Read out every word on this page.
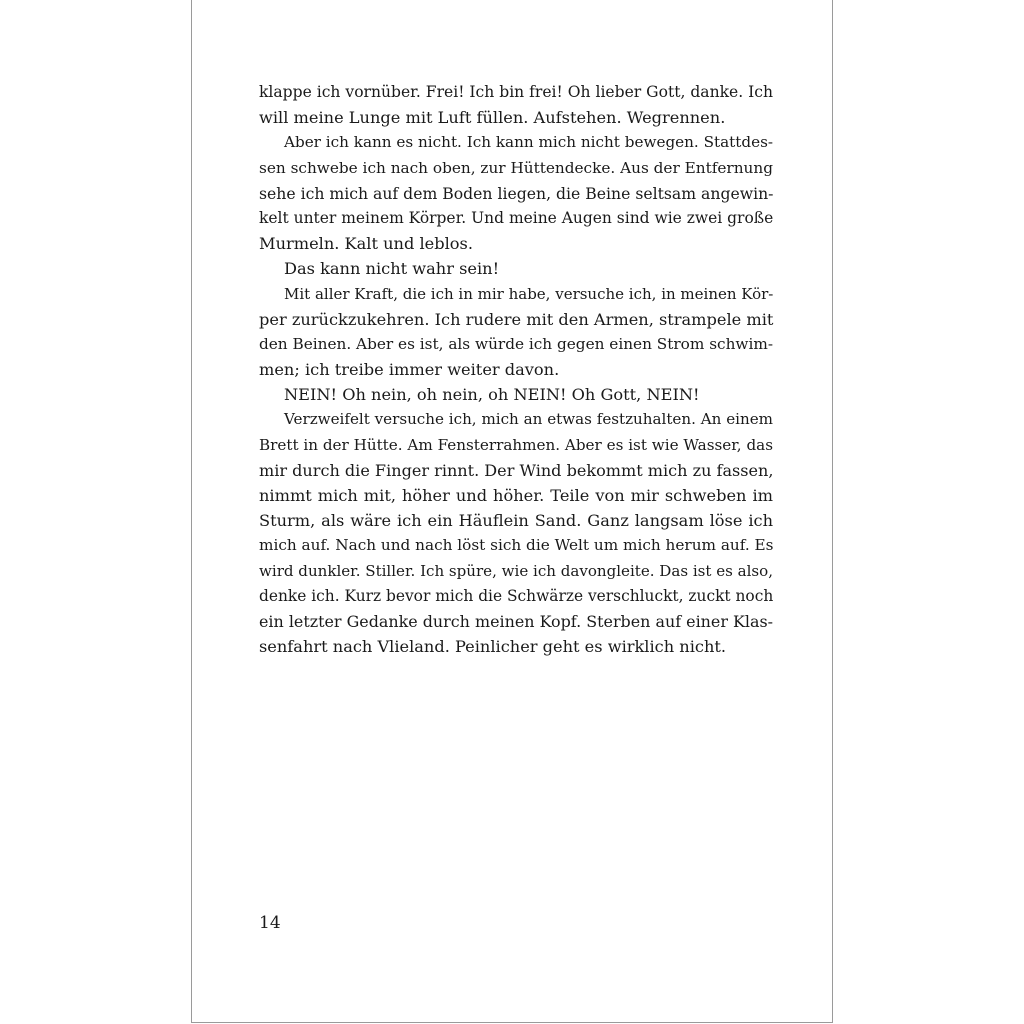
klappe ich vornüber. Frei! Ich bin frei! Oh lieber Gott, danke. Ich
will meine Lunge mit Luft füllen. Aufstehen. Wegrennen.
Aber ich kann es nicht. Ich kann mich nicht bewegen. Stattdes-
sen schwebe ich nach oben, zur Hüttendecke. Aus der Entfernung
sehe ich mich auf dem Boden liegen, die Beine seltsam angewin-
kelt unter meinem Körper. Und meine Augen sind wie zwei große
Murmeln. Kalt und leblos.
Das kann nicht wahr sein!
Mit aller Kraft, die ich in mir habe, versuche ich, in meinen Kör-
per zurückzukehren. Ich rudere mit den Armen, strampele mit
den Beinen. Aber es ist, als würde ich gegen einen Strom schwim-
men; ich treibe immer weiter davon.
NEIN! Oh nein, oh nein, oh NEIN! Oh Gott, NEIN!
Verzweifelt versuche ich, mich an etwas festzuhalten. An einem
Brett in der Hütte. Am Fensterrahmen. Aber es ist wie Wasser, das
mir durch die Finger rinnt. Der Wind bekommt mich zu fassen,
nimmt mich mit, höher und höher. Teile von mir schweben im
Sturm, als wäre ich ein Häuflein Sand. Ganz langsam löse ich
mich auf. Nach und nach löst sich die Welt um mich herum auf. Es
wird dunkler. Stiller. Ich spüre, wie ich davongleite. Das ist es also,
denke ich. Kurz bevor mich die Schwärze verschluckt, zuckt noch
ein letzter Gedanke durch meinen Kopf. Sterben auf einer Klas-
senfahrt nach Vlieland. Peinlicher geht es wirklich nicht.
14
